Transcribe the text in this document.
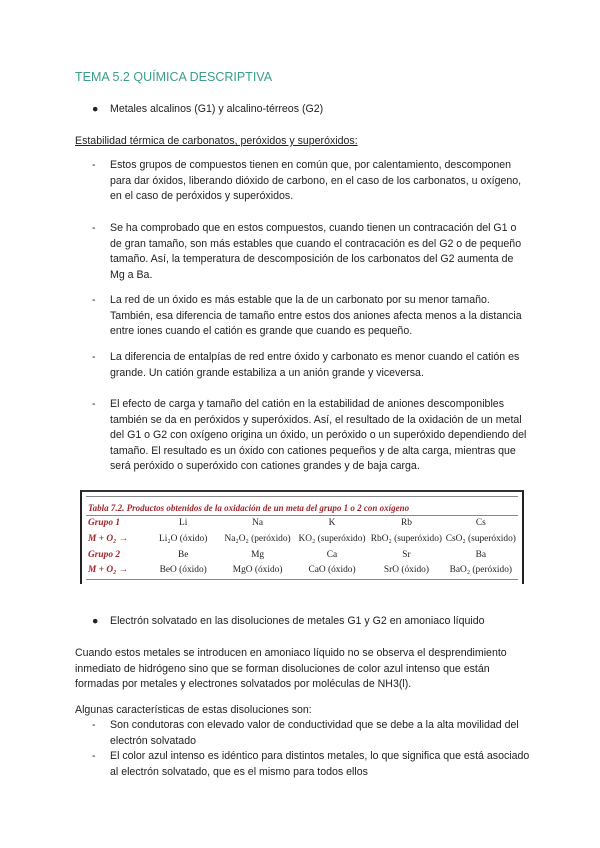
TEMA 5.2 QUÍMICA DESCRIPTIVA
● Metales alcalinos (G1) y alcalino-térreos (G2)
Estabilidad térmica de carbonatos, peróxidos y superóxidos:
- Estos grupos de compuestos tienen en común que, por calentamiento, descomponen para dar óxidos, liberando dióxido de carbono, en el caso de los carbonatos, u oxígeno, en el caso de peróxidos y superóxidos.
- Se ha comprobado que en estos compuestos, cuando tienen un contracación del G1 o de gran tamaño, son más estables que cuando el contracación es del G2 o de pequeño tamaño. Así, la temperatura de descomposición de los carbonatos del G2 aumenta de Mg a Ba.
- La red de un óxido es más estable que la de un carbonato por su menor tamaño. También, esa diferencia de tamaño entre estos dos aniones afecta menos a la distancia entre iones cuando el catión es grande que cuando es pequeño.
- La diferencia de entalpías de red entre óxido y carbonato es menor cuando el catión es grande. Un catión grande estabiliza a un anión grande y viceversa.
- El efecto de carga y tamaño del catión en la estabilidad de aniones descomponibles también se da en peróxidos y superóxidos. Así, el resultado de la oxidación de un metal del G1 o G2 con oxígeno origina un óxido, un peróxido o un superóxido dependiendo del tamaño. El resultado es un óxido con cationes pequeños y de alta carga, mientras que será peróxido o superóxido con cationes grandes y de baja carga.
Tabla 7.2. Productos obtenidos de la oxidación de un meta del grupo 1 o 2 con oxígeno
Grupo 1	Li	Na	K	Rb	Cs
M + O₂ →	Li₂O (óxido)	Na₂O₂ (peróxido) KO₂ (superóxido) RbO₂ (superóxido) CsO₂ (superóxido)
Grupo 2	Be	Mg	Ca	Sr	Ba
M + O₂ →	BeO (óxido)	MgO (óxido)	CaO (óxido)	SrO (óxido)	BaO₂ (peróxido)
● Electrón solvatado en las disoluciones de metales G1 y G2 en amoniaco líquido
Cuando estos metales se introducen en amoniaco líquido no se observa el desprendimiento inmediato de hidrógeno sino que se forman disoluciones de color azul intenso que están formadas por metales y electrones solvatados por moléculas de NH3(l).
Algunas características de estas disoluciones son:
- Son condutoras con elevado valor de conductividad que se debe a la alta movilidad del electrón solvatado
- El color azul intenso es idéntico para distintos metales, lo que significa que está asociado al electrón solvatado, que es el mismo para todos ellos
